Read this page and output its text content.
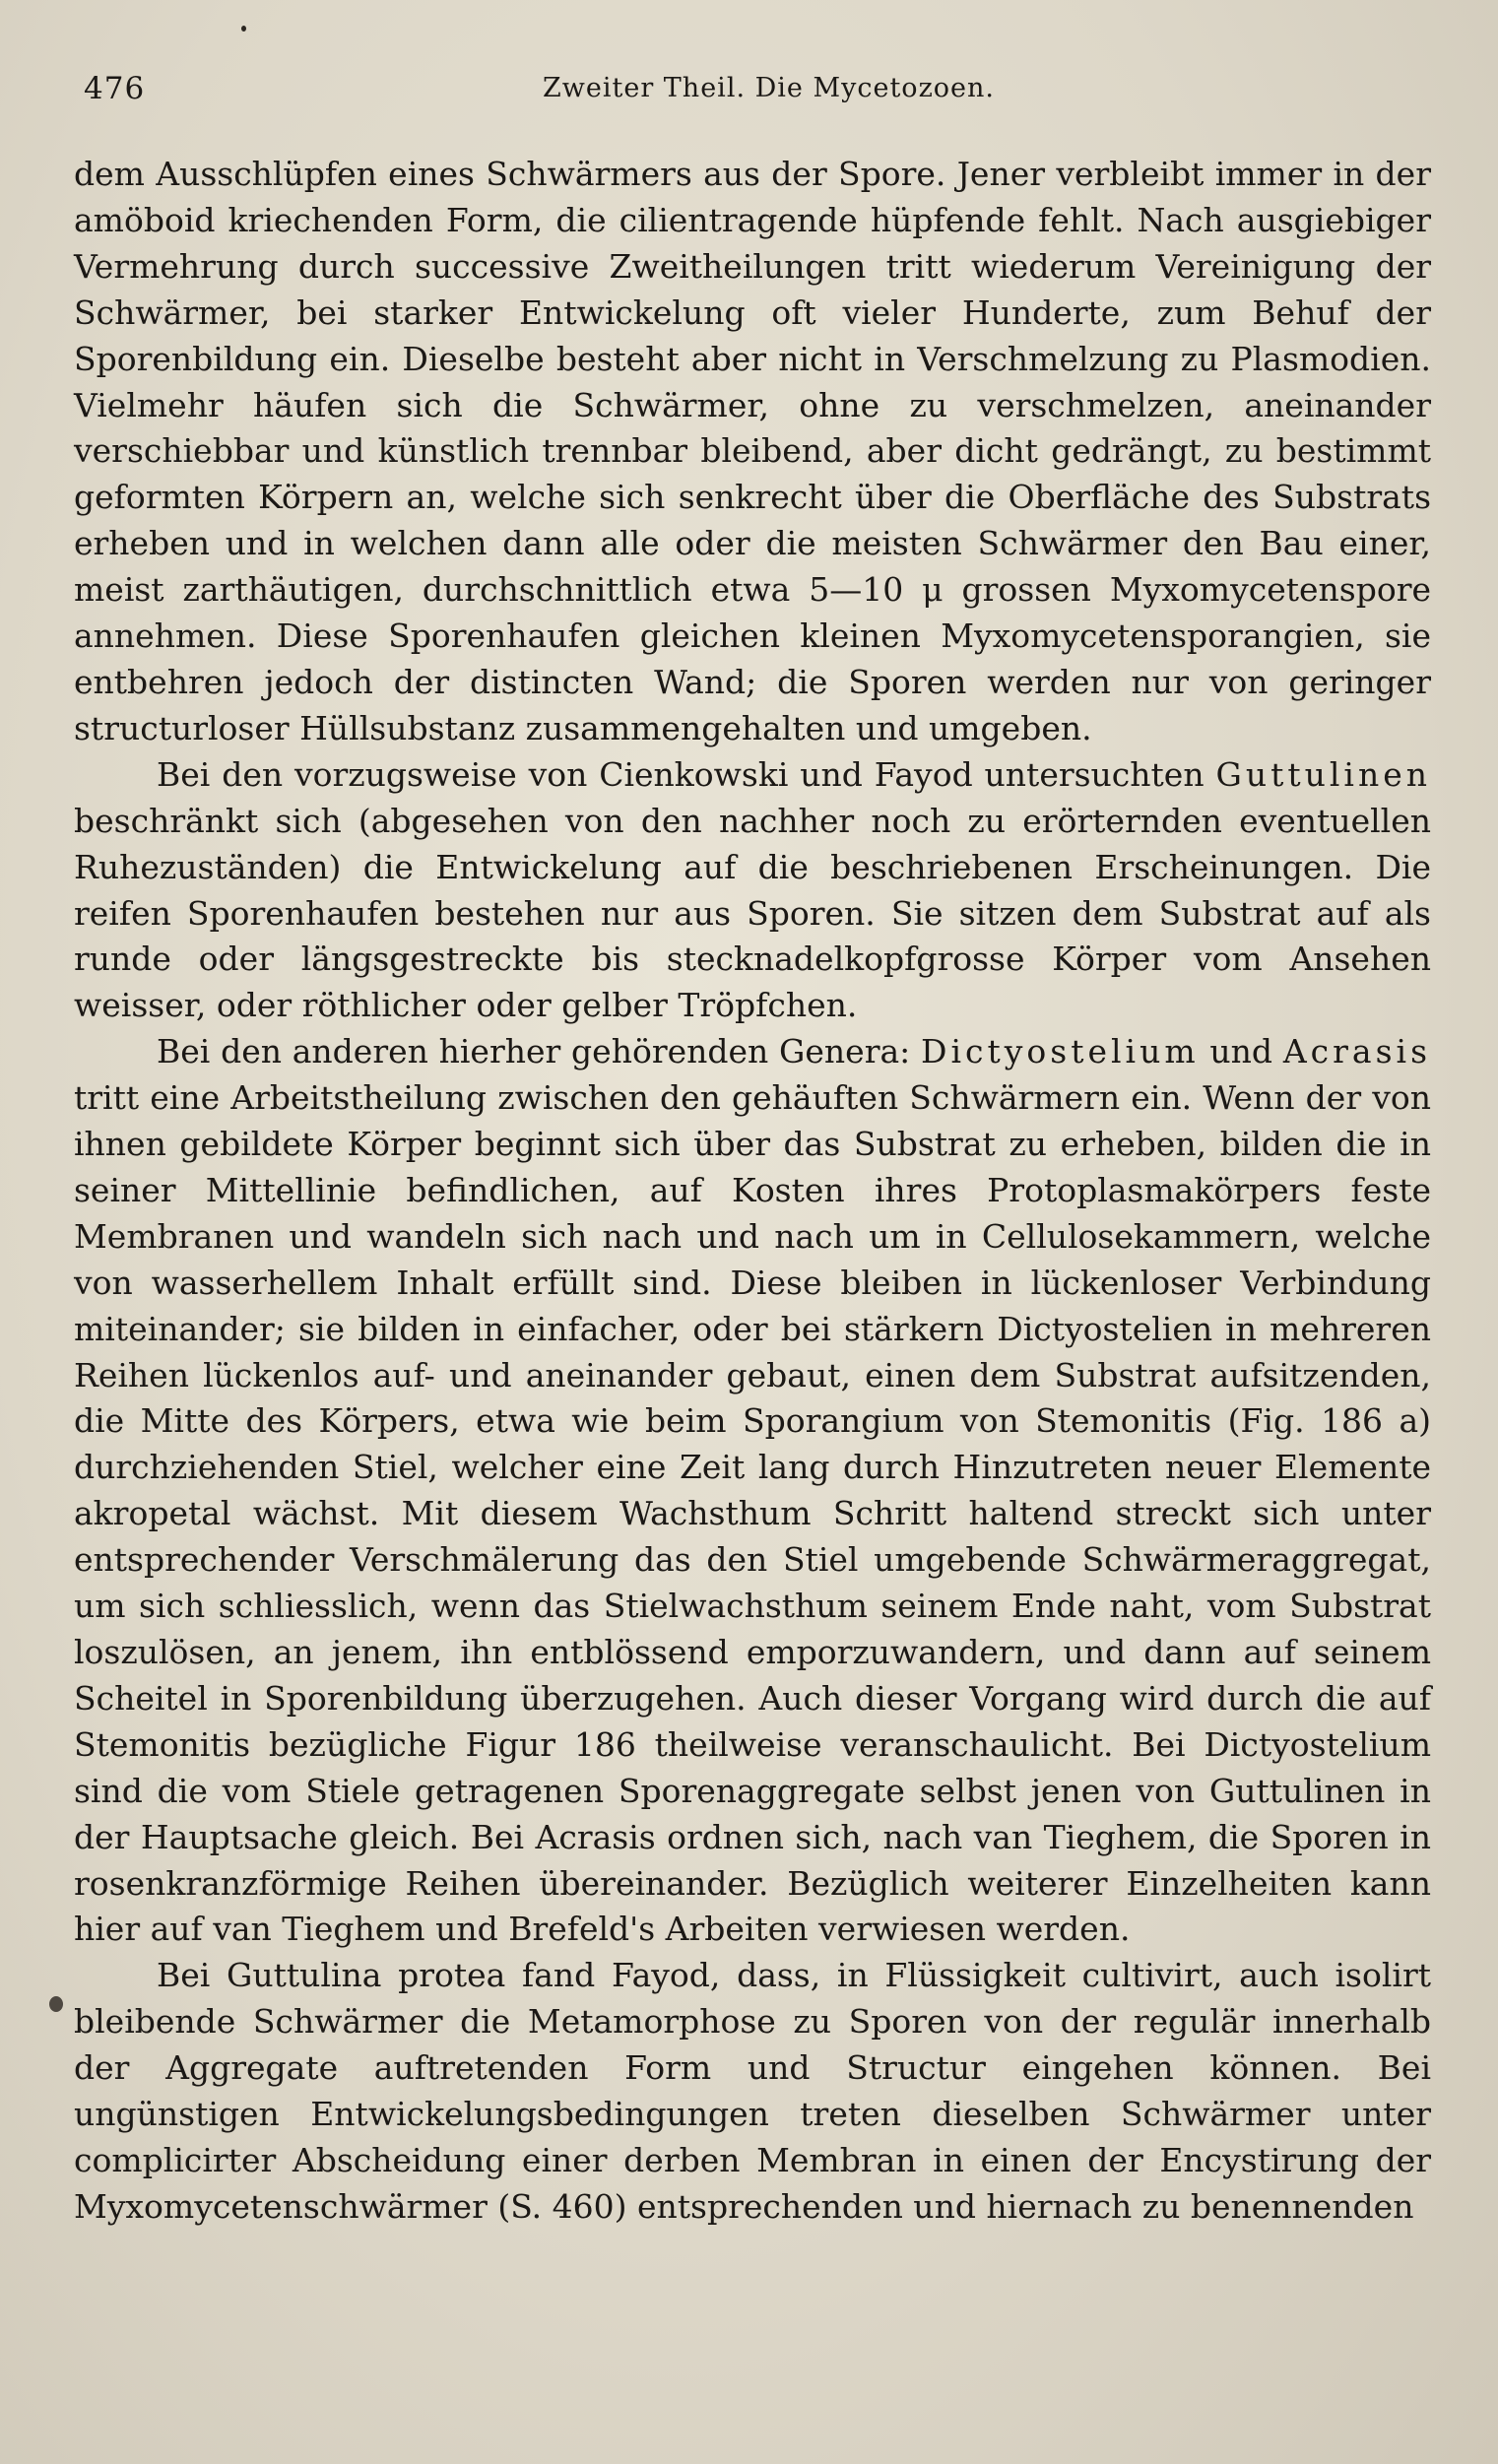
476	Zweiter Theil. Die Mycetozoen.

dem Ausschlüpfen eines Schwärmers aus der Spore. Jener verbleibt immer in der amöboid kriechenden Form, die cilientragende hüpfende fehlt. Nach ausgiebiger Vermehrung durch successive Zweitheilungen tritt wiederum Vereinigung der Schwärmer, bei starker Entwickelung oft vieler Hunderte, zum Behuf der Sporenbildung ein. Dieselbe besteht aber nicht in Verschmelzung zu Plasmodien. Vielmehr häufen sich die Schwärmer, ohne zu verschmelzen, aneinander verschiebbar und künstlich trennbar bleibend, aber dicht gedrängt, zu bestimmt geformten Körpern an, welche sich senkrecht über die Oberfläche des Substrats erheben und in welchen dann alle oder die meisten Schwärmer den Bau einer, meist zarthäutigen, durchschnittlich etwa 5—10 μ grossen Myxomycetenspore annehmen. Diese Sporenhaufen gleichen kleinen Myxomycetensporangien, sie entbehren jedoch der distincten Wand; die Sporen werden nur von geringer structurloser Hüllsubstanz zusammengehalten und umgeben.

Bei den vorzugsweise von Cienkowski und Fayod untersuchten Guttulinen beschränkt sich (abgesehen von den nachher noch zu erörternden eventuellen Ruhezuständen) die Entwickelung auf die beschriebenen Erscheinungen. Die reifen Sporenhaufen bestehen nur aus Sporen. Sie sitzen dem Substrat auf als runde oder längsgestreckte bis stecknadelkopfgrosse Körper vom Ansehen weisser, oder röthlicher oder gelber Tröpfchen.

Bei den anderen hierher gehörenden Genera: Dictyostelium und Acrasis tritt eine Arbeitstheilung zwischen den gehäuften Schwärmern ein. Wenn der von ihnen gebildete Körper beginnt sich über das Substrat zu erheben, bilden die in seiner Mittellinie befindlichen, auf Kosten ihres Protoplasmakörpers feste Membranen und wandeln sich nach und nach um in Cellulosekammern, welche von wasserhellem Inhalt erfüllt sind. Diese bleiben in lückenloser Verbindung miteinander; sie bilden in einfacher, oder bei stärkern Dictyostelien in mehreren Reihen lückenlos auf- und aneinander gebaut, einen dem Substrat aufsitzenden, die Mitte des Körpers, etwa wie beim Sporangium von Stemonitis (Fig. 186 a) durchziehenden Stiel, welcher eine Zeit lang durch Hinzutreten neuer Elemente akropetal wächst. Mit diesem Wachsthum Schritt haltend streckt sich unter entsprechender Verschmälerung das den Stiel umgebende Schwärmeraggregat, um sich schliesslich, wenn das Stielwachsthum seinem Ende naht, vom Substrat loszulösen, an jenem, ihn entblössend emporzuwandern, und dann auf seinem Scheitel in Sporenbildung überzugehen. Auch dieser Vorgang wird durch die auf Stemonitis bezügliche Figur 186 theilweise veranschaulicht. Bei Dictyostelium sind die vom Stiele getragenen Sporenaggregate selbst jenen von Guttulinen in der Hauptsache gleich. Bei Acrasis ordnen sich, nach van Tieghem, die Sporen in rosenkranzförmige Reihen übereinander. Bezüglich weiterer Einzelheiten kann hier auf van Tieghem und Brefeld's Arbeiten verwiesen werden.

Bei Guttulina protea fand Fayod, dass, in Flüssigkeit cultivirt, auch isolirt bleibende Schwärmer die Metamorphose zu Sporen von der regulär innerhalb der Aggregate auftretenden Form und Structur eingehen können. Bei ungünstigen Entwickelungsbedingungen treten dieselben Schwärmer unter complicirter Abscheidung einer derben Membran in einen der Encystirung der Myxomycetenschwärmer (S. 460) entsprechenden und hiernach zu benennenden
